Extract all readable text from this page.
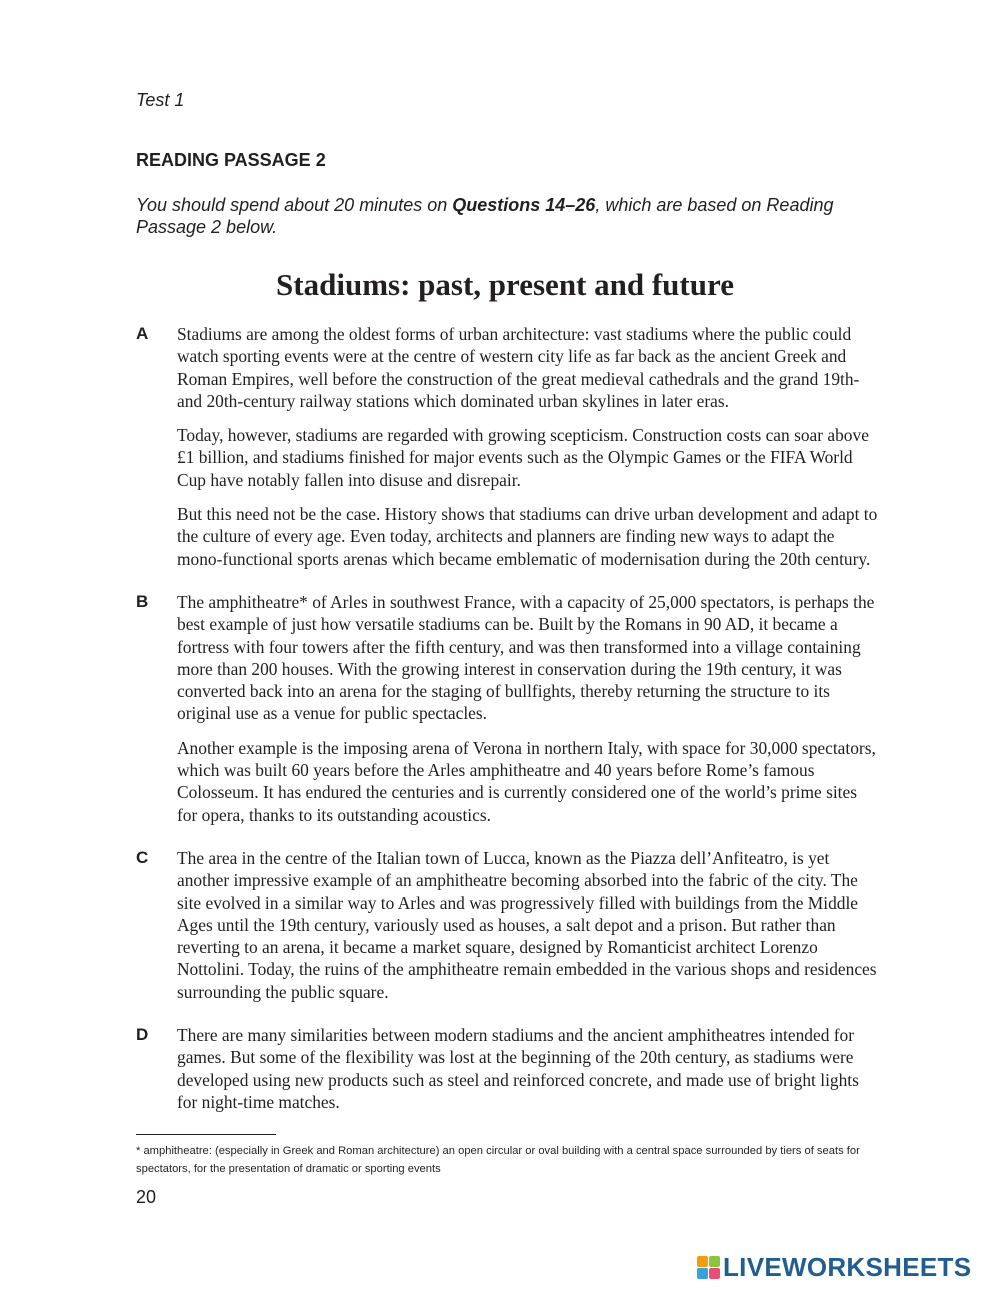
Test 1
READING PASSAGE 2
You should spend about 20 minutes on Questions 14–26, which are based on Reading Passage 2 below.
Stadiums: past, present and future
A	Stadiums are among the oldest forms of urban architecture: vast stadiums where the public could watch sporting events were at the centre of western city life as far back as the ancient Greek and Roman Empires, well before the construction of the great medieval cathedrals and the grand 19th- and 20th-century railway stations which dominated urban skylines in later eras.

Today, however, stadiums are regarded with growing scepticism. Construction costs can soar above £1 billion, and stadiums finished for major events such as the Olympic Games or the FIFA World Cup have notably fallen into disuse and disrepair.

But this need not be the case. History shows that stadiums can drive urban development and adapt to the culture of every age. Even today, architects and planners are finding new ways to adapt the mono-functional sports arenas which became emblematic of modernisation during the 20th century.

B	The amphitheatre* of Arles in southwest France, with a capacity of 25,000 spectators, is perhaps the best example of just how versatile stadiums can be. Built by the Romans in 90 AD, it became a fortress with four towers after the fifth century, and was then transformed into a village containing more than 200 houses. With the growing interest in conservation during the 19th century, it was converted back into an arena for the staging of bullfights, thereby returning the structure to its original use as a venue for public spectacles.

Another example is the imposing arena of Verona in northern Italy, with space for 30,000 spectators, which was built 60 years before the Arles amphitheatre and 40 years before Rome’s famous Colosseum. It has endured the centuries and is currently considered one of the world’s prime sites for opera, thanks to its outstanding acoustics.

C	The area in the centre of the Italian town of Lucca, known as the Piazza dell’Anfiteatro, is yet another impressive example of an amphitheatre becoming absorbed into the fabric of the city. The site evolved in a similar way to Arles and was progressively filled with buildings from the Middle Ages until the 19th century, variously used as houses, a salt depot and a prison. But rather than reverting to an arena, it became a market square, designed by Romanticist architect Lorenzo Nottolini. Today, the ruins of the amphitheatre remain embedded in the various shops and residences surrounding the public square.

D	There are many similarities between modern stadiums and the ancient amphitheatres intended for games. But some of the flexibility was lost at the beginning of the 20th century, as stadiums were developed using new products such as steel and reinforced concrete, and made use of bright lights for night-time matches.

* amphitheatre: (especially in Greek and Roman architecture) an open circular or oval building with a central space surrounded by tiers of seats for spectators, for the presentation of dramatic or sporting events
20
LIVEWORKSHEETS
